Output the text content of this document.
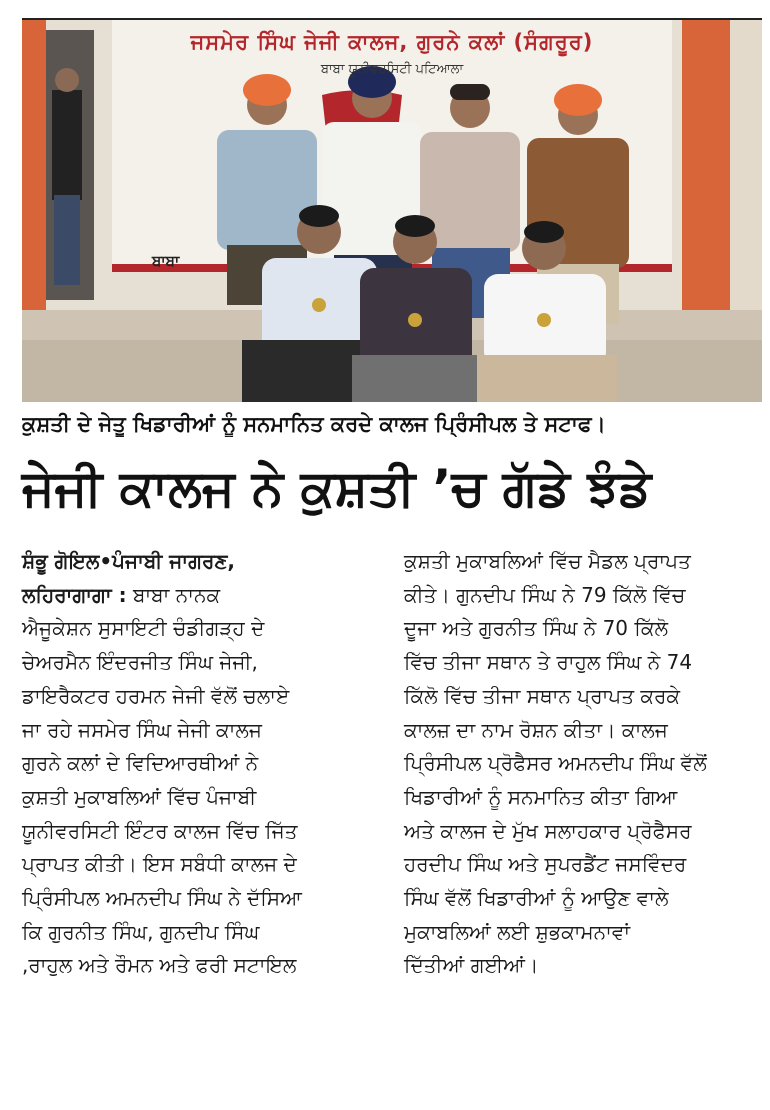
ਜਸਮੇਰ ਸਿੰਘ ਜੇਜੀ ਕਾਲਜ, ਗੁਰਨੇ ਕਲਾਂ (ਸੰਗਰੂਰ)
ਬਾਬਾ ਯੂਨੀਵਰਸਿਟੀ ਪਟਿਆਲਾ
ਬਾਬਾ
ਕੁਸ਼ਤੀ ਦੇ ਜੇਤੂ ਖਿਡਾਰੀਆਂ ਨੂੰ ਸਨਮਾਨਿਤ ਕਰਦੇ ਕਾਲਜ ਪ੍ਰਿੰਸੀਪਲ ਤੇ ਸਟਾਫ।
ਜੇਜੀ ਕਾਲਜ ਨੇ ਕੁਸ਼ਤੀ ’ਚ ਗੱਡੇ ਝੰਡੇ

ਸ਼ੰਭੂ ਗੋਇਲ•ਪੰਜਾਬੀ ਜਾਗਰਣ,

ਲਹਿਰਾਗਾਗਾ : ਬਾਬਾ ਨਾਨਕ

ਐਜੂਕੇਸ਼ਨ ਸੁਸਾਇਟੀ ਚੰਡੀਗੜ੍ਹ ਦੇ

ਚੇਅਰਮੈਨ ਇੰਦਰਜੀਤ ਸਿੰਘ ਜੇਜੀ,

ਡਾਇਰੈਕਟਰ ਹਰਮਨ ਜੇਜੀ ਵੱਲੋਂ ਚਲਾਏ

ਜਾ ਰਹੇ ਜਸਮੇਰ ਸਿੰਘ ਜੇਜੀ ਕਾਲਜ

ਗੁਰਨੇ ਕਲਾਂ ਦੇ ਵਿਦਿਆਰਥੀਆਂ ਨੇ

ਕੁਸ਼ਤੀ ਮੁਕਾਬਲਿਆਂ ਵਿੱਚ ਪੰਜਾਬੀ

ਯੂਨੀਵਰਸਿਟੀ ਇੰਟਰ ਕਾਲਜ ਵਿੱਚ ਜਿੱਤ

ਪ੍ਰਾਪਤ ਕੀਤੀ। ਇਸ ਸਬੰਧੀ ਕਾਲਜ ਦੇ

ਪ੍ਰਿੰਸੀਪਲ ਅਮਨਦੀਪ ਸਿੰਘ ਨੇ ਦੱਸਿਆ

ਕਿ ਗੁਰਨੀਤ ਸਿੰਘ, ਗੁਨਦੀਪ ਸਿੰਘ

,ਰਾਹੁਲ ਅਤੇ ਰੌਮਨ ਅਤੇ ਫਰੀ ਸਟਾਇਲ

ਕੁਸ਼ਤੀ ਮੁਕਾਬਲਿਆਂ ਵਿੱਚ ਮੈਡਲ ਪ੍ਰਾਪਤ

ਕੀਤੇ। ਗੁਨਦੀਪ ਸਿੰਘ ਨੇ 79 ਕਿੱਲੋ ਵਿੱਚ

ਦੂਜਾ ਅਤੇ ਗੁਰਨੀਤ ਸਿੰਘ ਨੇ 70 ਕਿੱਲੋ

ਵਿੱਚ ਤੀਜਾ ਸਥਾਨ ਤੇ ਰਾਹੁਲ ਸਿੰਘ ਨੇ 74

ਕਿੱਲੋ ਵਿੱਚ ਤੀਜਾ ਸਥਾਨ ਪ੍ਰਾਪਤ ਕਰਕੇ

ਕਾਲਜ਼ ਦਾ ਨਾਮ ਰੋਸ਼ਨ ਕੀਤਾ। ਕਾਲਜ

ਪ੍ਰਿੰਸੀਪਲ ਪ੍ਰੋਫੈਸਰ ਅਮਨਦੀਪ ਸਿੰਘ ਵੱਲੋਂ

ਖਿਡਾਰੀਆਂ ਨੂੰ ਸਨਮਾਨਿਤ ਕੀਤਾ ਗਿਆ

ਅਤੇ ਕਾਲਜ ਦੇ ਮੁੱਖ ਸਲਾਹਕਾਰ ਪ੍ਰੋਫੈਸਰ

ਹਰਦੀਪ ਸਿੰਘ ਅਤੇ ਸੁਪਰਡੈਂਟ ਜਸਵਿੰਦਰ

ਸਿੰਘ ਵੱਲੋਂ ਖਿਡਾਰੀਆਂ ਨੂੰ ਆਉਣ ਵਾਲੇ

ਮੁਕਾਬਲਿਆਂ ਲਈ ਸ਼ੁਭਕਾਮਨਾਵਾਂ

ਦਿੱਤੀਆਂ ਗਈਆਂ।
